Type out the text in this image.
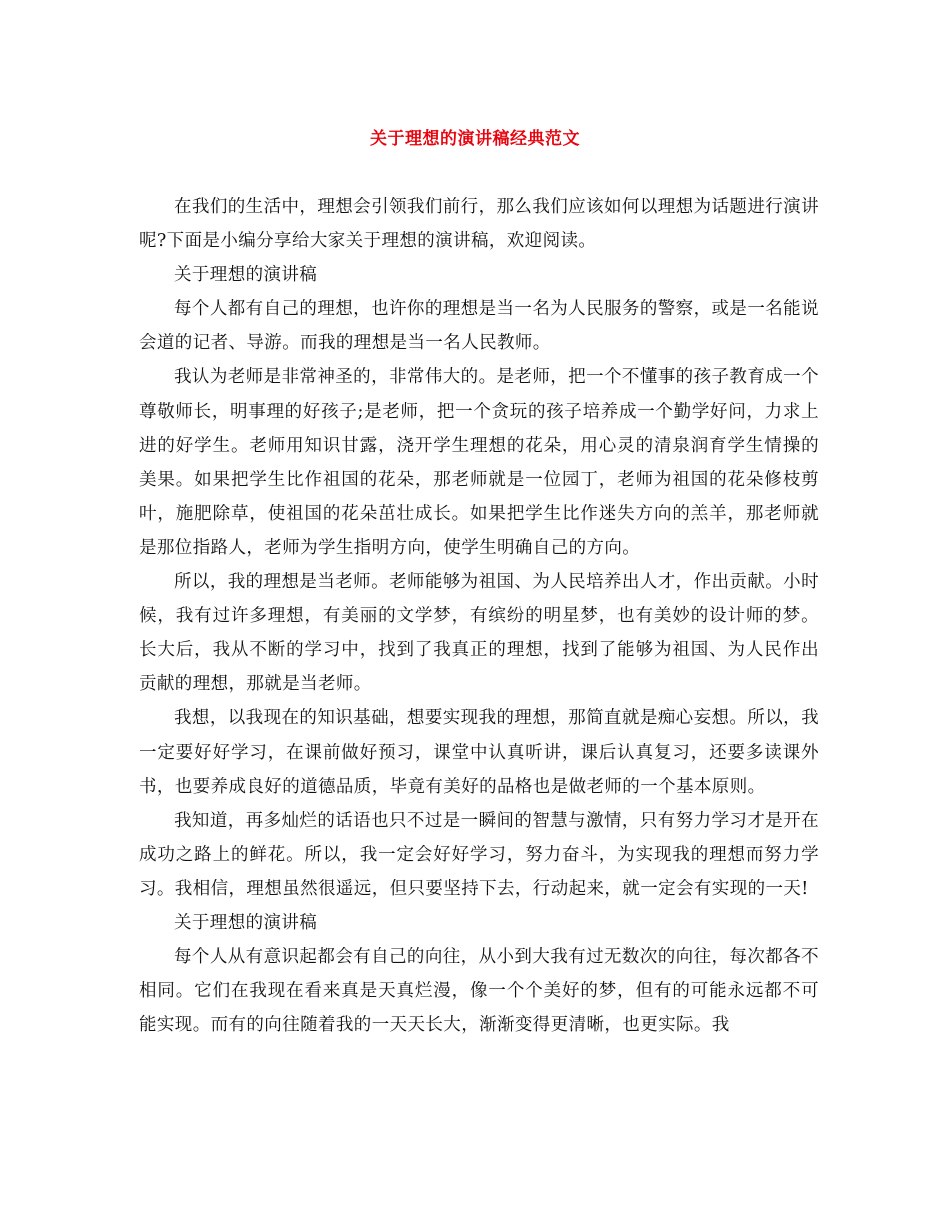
关于理想的演讲稿经典范文

在我们的生活中，理想会引领我们前行，那么我们应该如何以理想为话题进行演讲呢?下面是小编分享给大家关于理想的演讲稿，欢迎阅读。

关于理想的演讲稿

每个人都有自己的理想，也许你的理想是当一名为人民服务的警察，或是一名能说会道的记者、导游。而我的理想是当一名人民教师。

我认为老师是非常神圣的，非常伟大的。是老师，把一个不懂事的孩子教育成一个尊敬师长，明事理的好孩子;是老师，把一个贪玩的孩子培养成一个勤学好问，力求上进的好学生。老师用知识甘露，浇开学生理想的花朵，用心灵的清泉润育学生情操的美果。如果把学生比作祖国的花朵，那老师就是一位园丁，老师为祖国的花朵修枝剪叶，施肥除草，使祖国的花朵茁壮成长。如果把学生比作迷失方向的羔羊，那老师就是那位指路人，老师为学生指明方向，使学生明确自己的方向。

所以，我的理想是当老师。老师能够为祖国、为人民培养出人才，作出贡献。小时候，我有过许多理想，有美丽的文学梦，有缤纷的明星梦，也有美妙的设计师的梦。长大后，我从不断的学习中，找到了我真正的理想，找到了能够为祖国、为人民作出贡献的理想，那就是当老师。

我想，以我现在的知识基础，想要实现我的理想，那简直就是痴心妄想。所以，我一定要好好学习，在课前做好预习，课堂中认真听讲，课后认真复习，还要多读课外书，也要养成良好的道德品质，毕竟有美好的品格也是做老师的一个基本原则。

我知道，再多灿烂的话语也只不过是一瞬间的智慧与激情，只有努力学习才是开在成功之路上的鲜花。所以，我一定会好好学习，努力奋斗，为实现我的理想而努力学习。我相信，理想虽然很遥远，但只要坚持下去，行动起来，就一定会有实现的一天!

关于理想的演讲稿

每个人从有意识起都会有自己的向往，从小到大我有过无数次的向往，每次都各不相同。它们在我现在看来真是天真烂漫，像一个个美好的梦，但有的可能永远都不可能实现。而有的向往随着我的一天天长大，渐渐变得更清晰，也更实际。我
